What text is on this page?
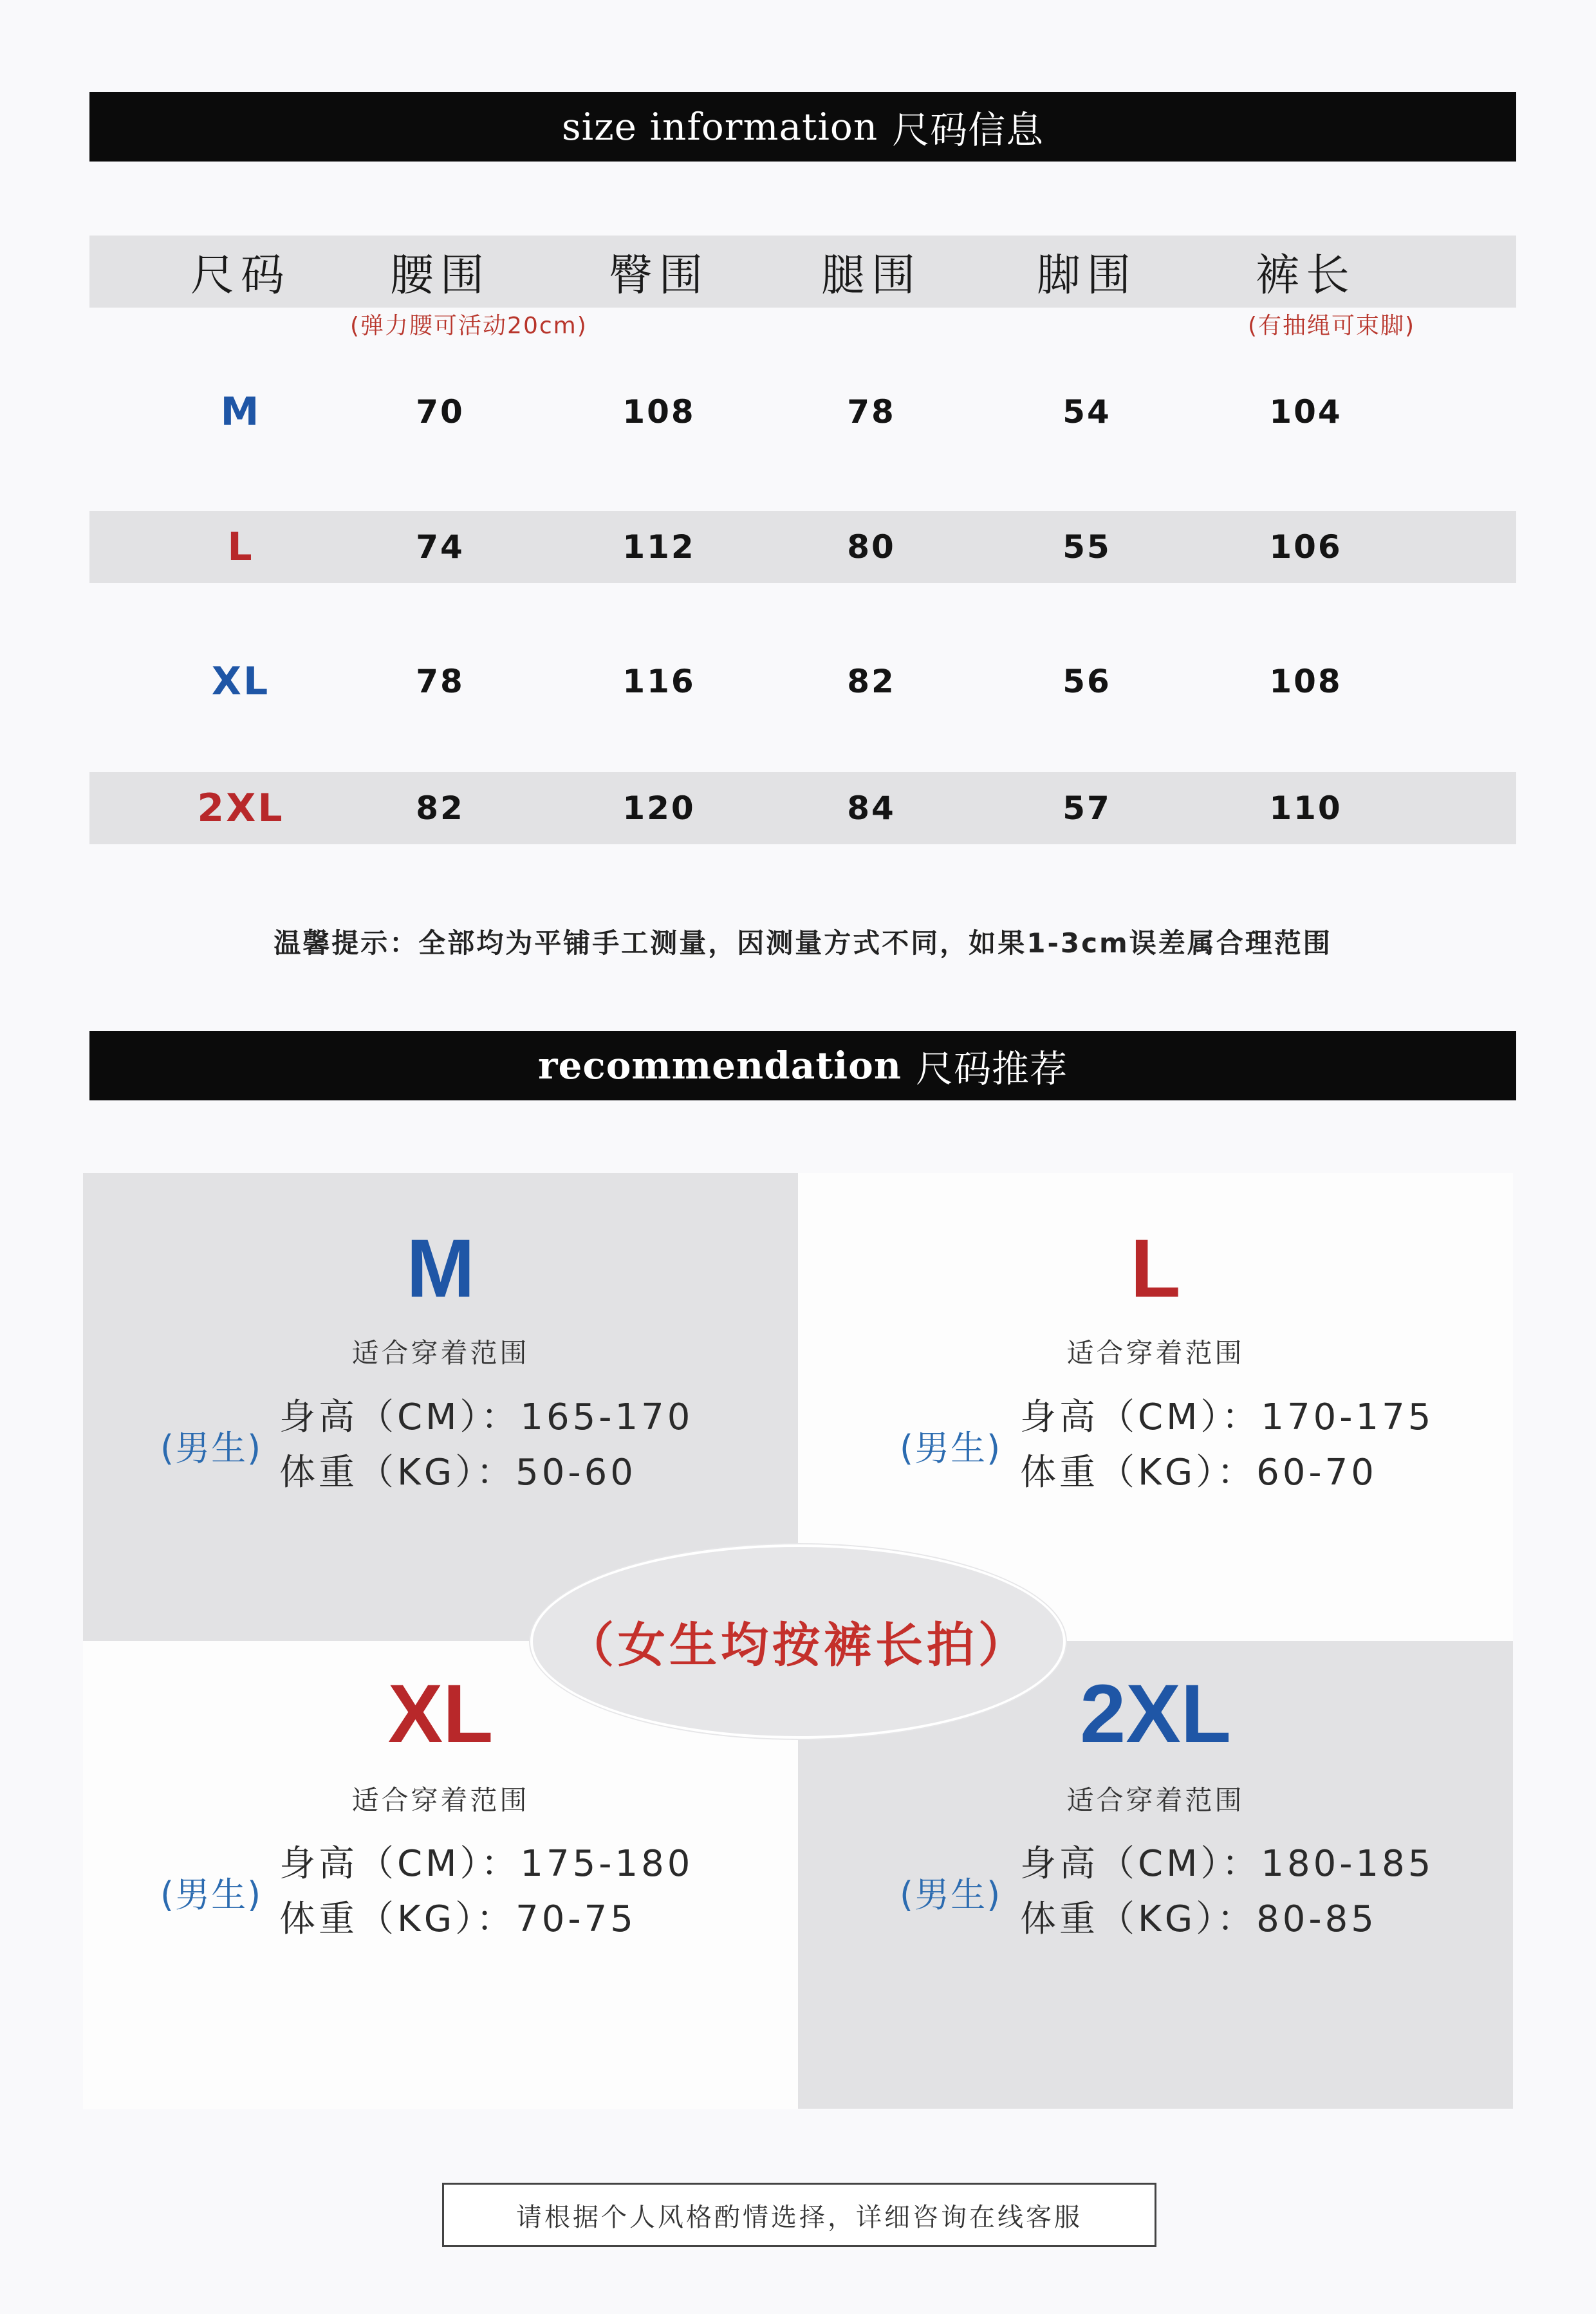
size information 尺码信息
尺码	腰围	臀围	腿围	脚围	裤长
(弹力腰可活动20cm)	(有抽绳可束脚)
M	70	108	78	54	104
L	74	112	80	55	106
XL	78	116	82	56	108
2XL	82	120	84	57	110
温馨提示：全部均为平铺手工测量，因测量方式不同，如果1-3cm误差属合理范围
recommendation 尺码推荐
M
适合穿着范围
(男生)
身高（CM）：165-170
体重（KG）：50-60
L
适合穿着范围
(男生)
身高（CM）：170-175
体重（KG）：60-70
XL
适合穿着范围
(男生)
身高（CM）：175-180
体重（KG）：70-75
2XL
适合穿着范围
(男生)
身高（CM）：180-185
体重（KG）：80-85
（女生均按裤长拍）
请根据个人风格酌情选择，详细咨询在线客服
